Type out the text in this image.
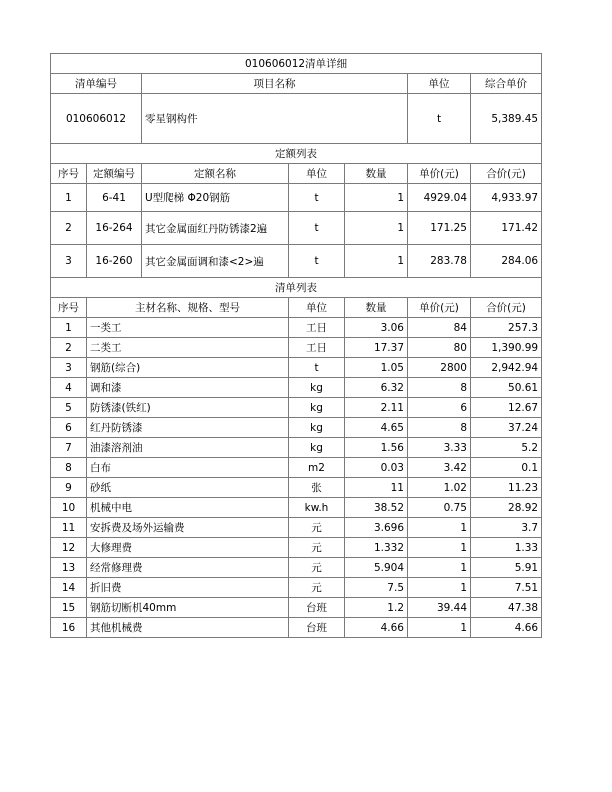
010606012清单详细						
清单编号		项目名称			单位	综合单价
010606012		零星钢构件			t	5,389.45
定额列表						
序号	定额编号	定额名称	单位	数量	单价(元)	合价(元)
1	6-41	U型爬梯 Φ20钢筋	t	1	4929.04	4,933.97
2	16-264	其它金属面红丹防锈漆2遍	t	1	171.25	171.42
3	16-260	其它金属面调和漆<2>遍	t	1	283.78	284.06
清单列表						
序号	主材名称、规格、型号		单位	数量	单价(元)	合价(元)
1	一类工		工日	3.06	84	257.3
2	二类工		工日	17.37	80	1,390.99
3	钢筋(综合)		t	1.05	2800	2,942.94
4	调和漆		kg	6.32	8	50.61
5	防锈漆(铁红)		kg	2.11	6	12.67
6	红丹防锈漆		kg	4.65	8	37.24
7	油漆溶剂油		kg	1.56	3.33	5.2
8	白布		m2	0.03	3.42	0.1
9	砂纸		张	11	1.02	11.23
10	机械中电		kw.h	38.52	0.75	28.92
11	安拆费及场外运输费		元	3.696	1	3.7
12	大修理费		元	1.332	1	1.33
13	经常修理费		元	5.904	1	5.91
14	折旧费		元	7.5	1	7.51
15	钢筋切断机40mm		台班	1.2	39.44	47.38
16	其他机械费		台班	4.66	1	4.66
